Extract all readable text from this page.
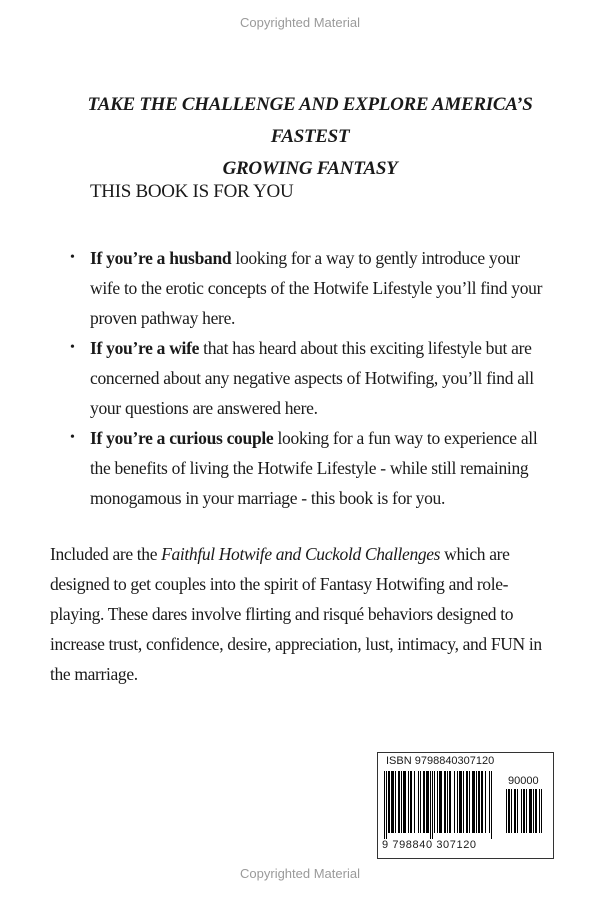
Copyrighted Material
TAKE THE CHALLENGE AND EXPLORE AMERICA’S FASTEST
GROWING FANTASY
THIS BOOK IS FOR YOU
• If you’re a husband looking for a way to gently introduce your wife to the erotic concepts of the Hotwife Lifestyle you’ll find your proven pathway here.
• If you’re a wife that has heard about this exciting lifestyle but are concerned about any negative aspects of Hotwifing, you’ll find all your questions are answered here.
• If you’re a curious couple looking for a fun way to experience all the benefits of living the Hotwife Lifestyle - while still remaining monogamous in your marriage - this book is for you.
Included are the Faithful Hotwife and Cuckold Challenges which are designed to get couples into the spirit of Fantasy Hotwifing and role-playing. These dares involve flirting and risqué behaviors designed to increase trust, confidence, desire, appreciation, lust, intimacy, and FUN in the marriage.
ISBN 9798840307120
90000
9 798840 307120
Copyrighted Material
